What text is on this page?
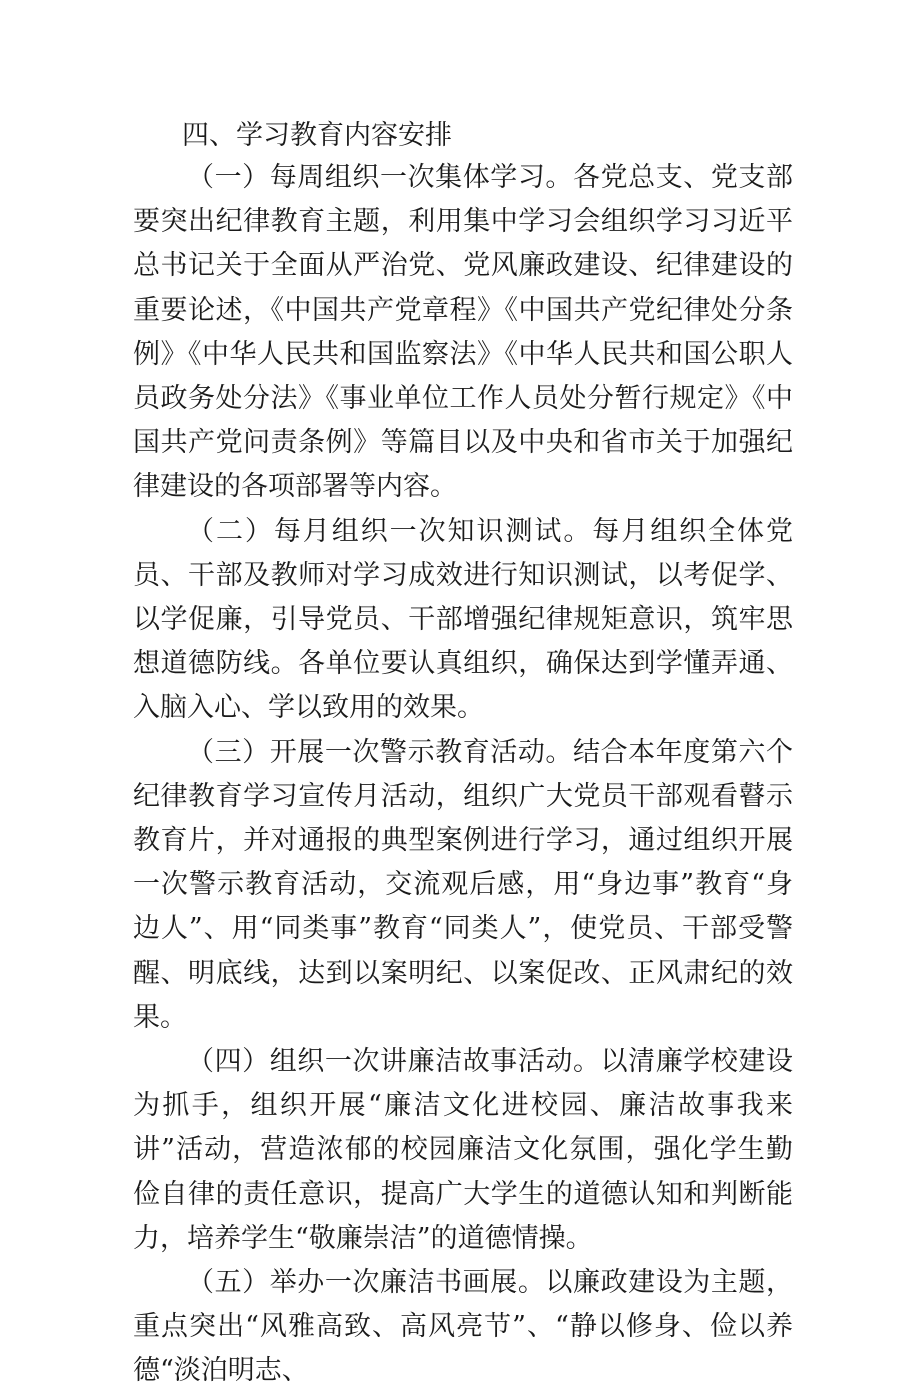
四、学习教育内容安排

（一）每周组织一次集体学习。各党总支、党支部要突出纪律教育主题，利用集中学习会组织学习习近平总书记关于全面从严治党、党风廉政建设、纪律建设的重要论述，《中国共产党章程》《中国共产党纪律处分条例》《中华人民共和国监察法》《中华人民共和国公职人员政务处分法》《事业单位工作人员处分暂行规定》《中国共产党问责条例》等篇目以及中央和省市关于加强纪律建设的各项部署等内容。

（二）每月组织一次知识测试。每月组织全体党员、干部及教师对学习成效进行知识测试，以考促学、以学促廉，引导党员、干部增强纪律规矩意识，筑牢思想道德防线。各单位要认真组织，确保达到学懂弄通、入脑入心、学以致用的效果。

（三）开展一次警示教育活动。结合本年度第六个纪律教育学习宣传月活动，组织广大党员干部观看瞽示教育片，并对通报的典型案例进行学习，通过组织开展一次警示教育活动，交流观后感，用“身边事”教育“身边人”、用“同类事”教育“同类人”，使党员、干部受警醒、明底线，达到以案明纪、以案促改、正风肃纪的效果。

（四）组织一次讲廉洁故事活动。以清廉学校建设为抓手，组织开展“廉洁文化进校园、廉洁故事我来讲”活动，营造浓郁的校园廉洁文化氛围，强化学生勤俭自律的责任意识，提高广大学生的道德认知和判断能力，培养学生“敬廉崇洁”的道德情操。

（五）举办一次廉洁书画展。以廉政建设为主题，重点突出“风雅高致、高风亮节”、“静以修身、俭以养德“淡泊明志、
